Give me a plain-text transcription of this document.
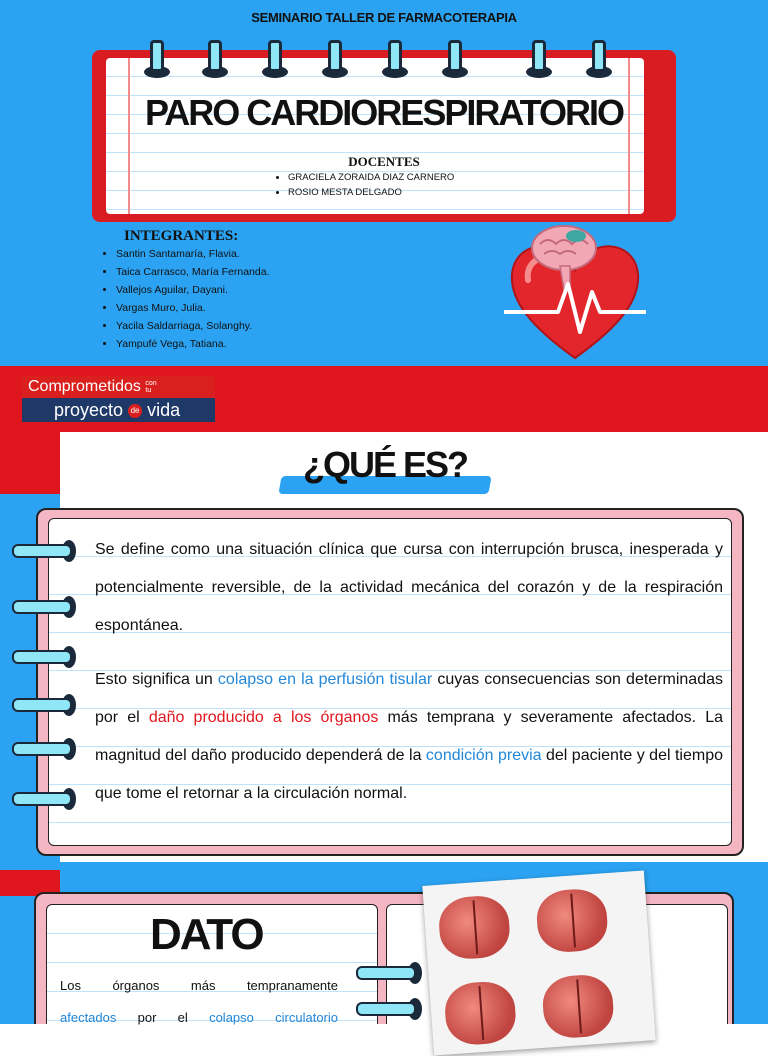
SEMINARIO TALLER DE FARMACOTERAPIA
PARO CARDIORESPIRATORIO
DOCENTES
• GRACIELA ZORAIDA DIAZ CARNERO
• ROSIO MESTA DELGADO
INTEGRANTES:
• Santin Santamaría, Flavia.
• Taica Carrasco, María Fernanda.
• Vallejos Aguilar, Dayani.
• Vargas Muro, Julia.
• Yacila Saldarriaga, Solanghy.
• Yampufé Vega, Tatiana.
Comprometidos con tu
proyecto de vida
¿QUÉ ES?

Se define como una situación clínica que cursa con interrupción brusca, inesperada y potencialmente reversible, de la actividad mecánica del corazón y de la respiración espontánea.

Esto significa un colapso en la perfusión tisular cuyas consecuencias son determinadas por el daño producido a los órganos más temprana y severamente afectados. La magnitud del daño producido dependerá de la condición previa del paciente y del tiempo que tome el retornar a la circulación normal.

DATO
Los órganos más tempranamente
afectados por el colapso circulatorio
